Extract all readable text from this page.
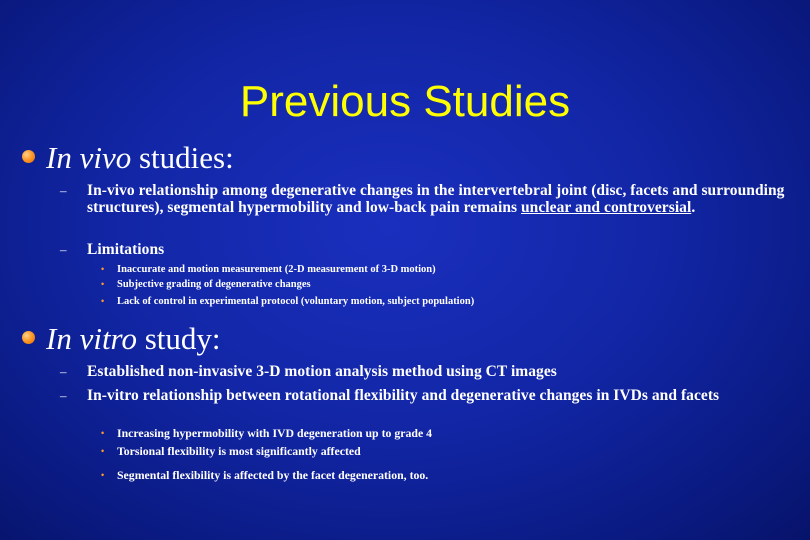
Previous Studies
In vivo studies:
– In-vivo relationship among degenerative changes in the intervertebral joint (disc, facets and surrounding structures), segmental hypermobility and low-back pain remains unclear and controversial.
– Limitations
• Inaccurate and motion measurement (2-D measurement of 3-D motion)
• Subjective grading of degenerative changes
• Lack of control in experimental protocol (voluntary motion, subject population)
In vitro study:
– Established non-invasive 3-D motion analysis method using CT images
– In-vitro relationship between rotational flexibility and degenerative changes in IVDs and facets
• Increasing hypermobility with IVD degeneration up to grade 4
• Torsional flexibility is most significantly affected
• Segmental flexibility is affected by the facet degeneration, too.
